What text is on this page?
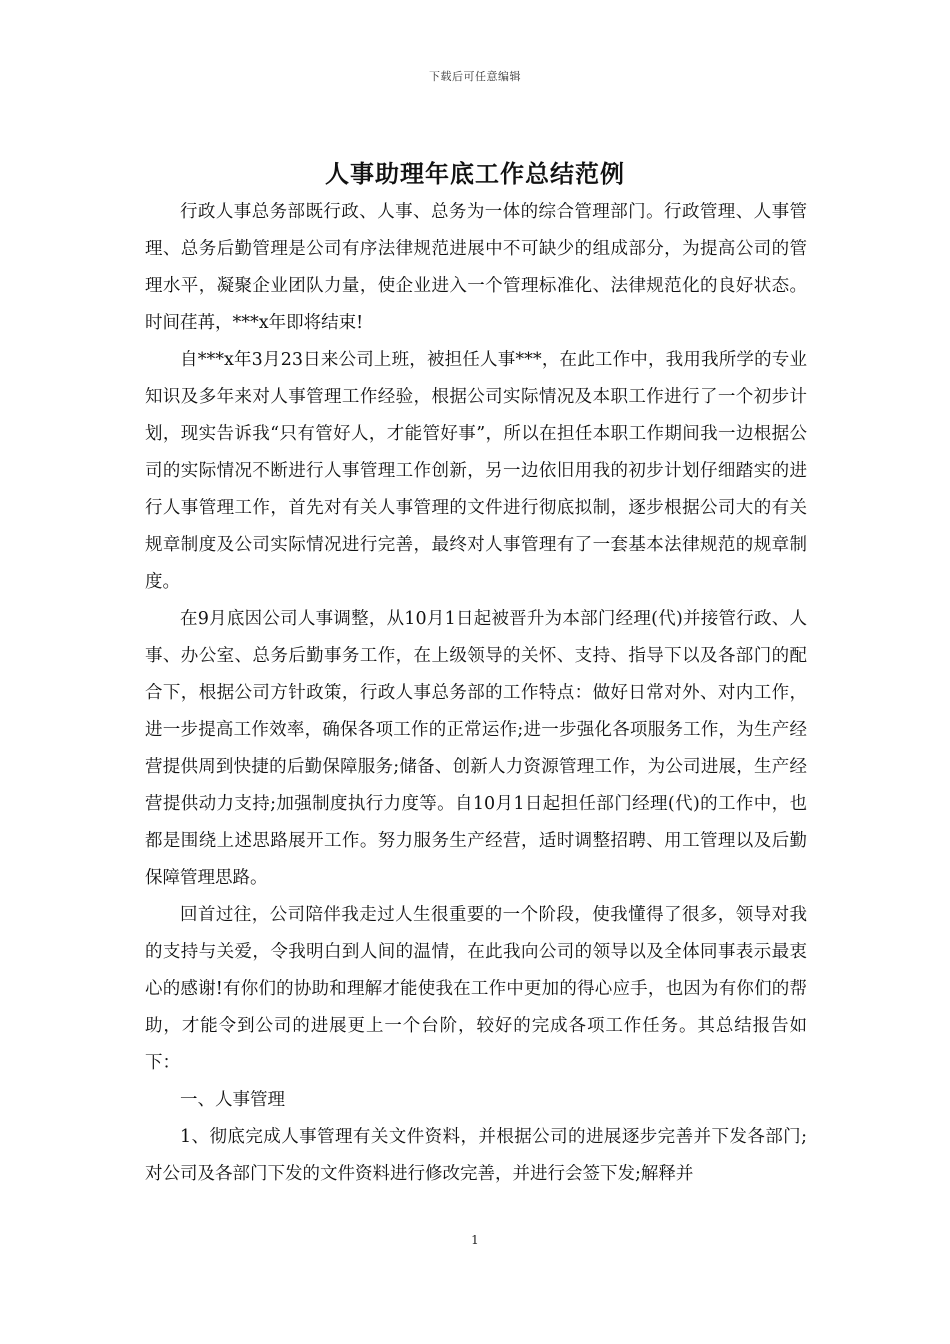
下载后可任意编辑
人事助理年底工作总结范例

行政人事总务部既行政、人事、总务为一体的综合管理部门。行政管理、人事管理、总务后勤管理是公司有序法律规范进展中不可缺少的组成部分，为提高公司的管理水平，凝聚企业团队力量，使企业进入一个管理标准化、法律规范化的良好状态。时间荏苒，***x年即将结束!

自***x年3月23日来公司上班，被担任人事***，在此工作中，我用我所学的专业知识及多年来对人事管理工作经验，根据公司实际情况及本职工作进行了一个初步计划，现实告诉我“只有管好人，才能管好事”，所以在担任本职工作期间我一边根据公司的实际情况不断进行人事管理工作创新，另一边依旧用我的初步计划仔细踏实的进行人事管理工作，首先对有关人事管理的文件进行彻底拟制，逐步根据公司大的有关规章制度及公司实际情况进行完善，最终对人事管理有了一套基本法律规范的规章制度。

在9月底因公司人事调整，从10月1日起被晋升为本部门经理(代)并接管行政、人事、办公室、总务后勤事务工作，在上级领导的关怀、支持、指导下以及各部门的配合下，根据公司方针政策，行政人事总务部的工作特点：做好日常对外、对内工作，进一步提高工作效率，确保各项工作的正常运作;进一步强化各项服务工作，为生产经营提供周到快捷的后勤保障服务;储备、创新人力资源管理工作，为公司进展，生产经营提供动力支持;加强制度执行力度等。自10月1日起担任部门经理(代)的工作中，也都是围绕上述思路展开工作。努力服务生产经营，适时调整招聘、用工管理以及后勤保障管理思路。

回首过往，公司陪伴我走过人生很重要的一个阶段，使我懂得了很多，领导对我的支持与关爱，令我明白到人间的温情，在此我向公司的领导以及全体同事表示最衷心的感谢!有你们的协助和理解才能使我在工作中更加的得心应手，也因为有你们的帮助，才能令到公司的进展更上一个台阶，较好的完成各项工作任务。其总结报告如下：

一、人事管理

1、彻底完成人事管理有关文件资料，并根据公司的进展逐步完善并下发各部门;对公司及各部门下发的文件资料进行修改完善，并进行会签下发;解释并

1
